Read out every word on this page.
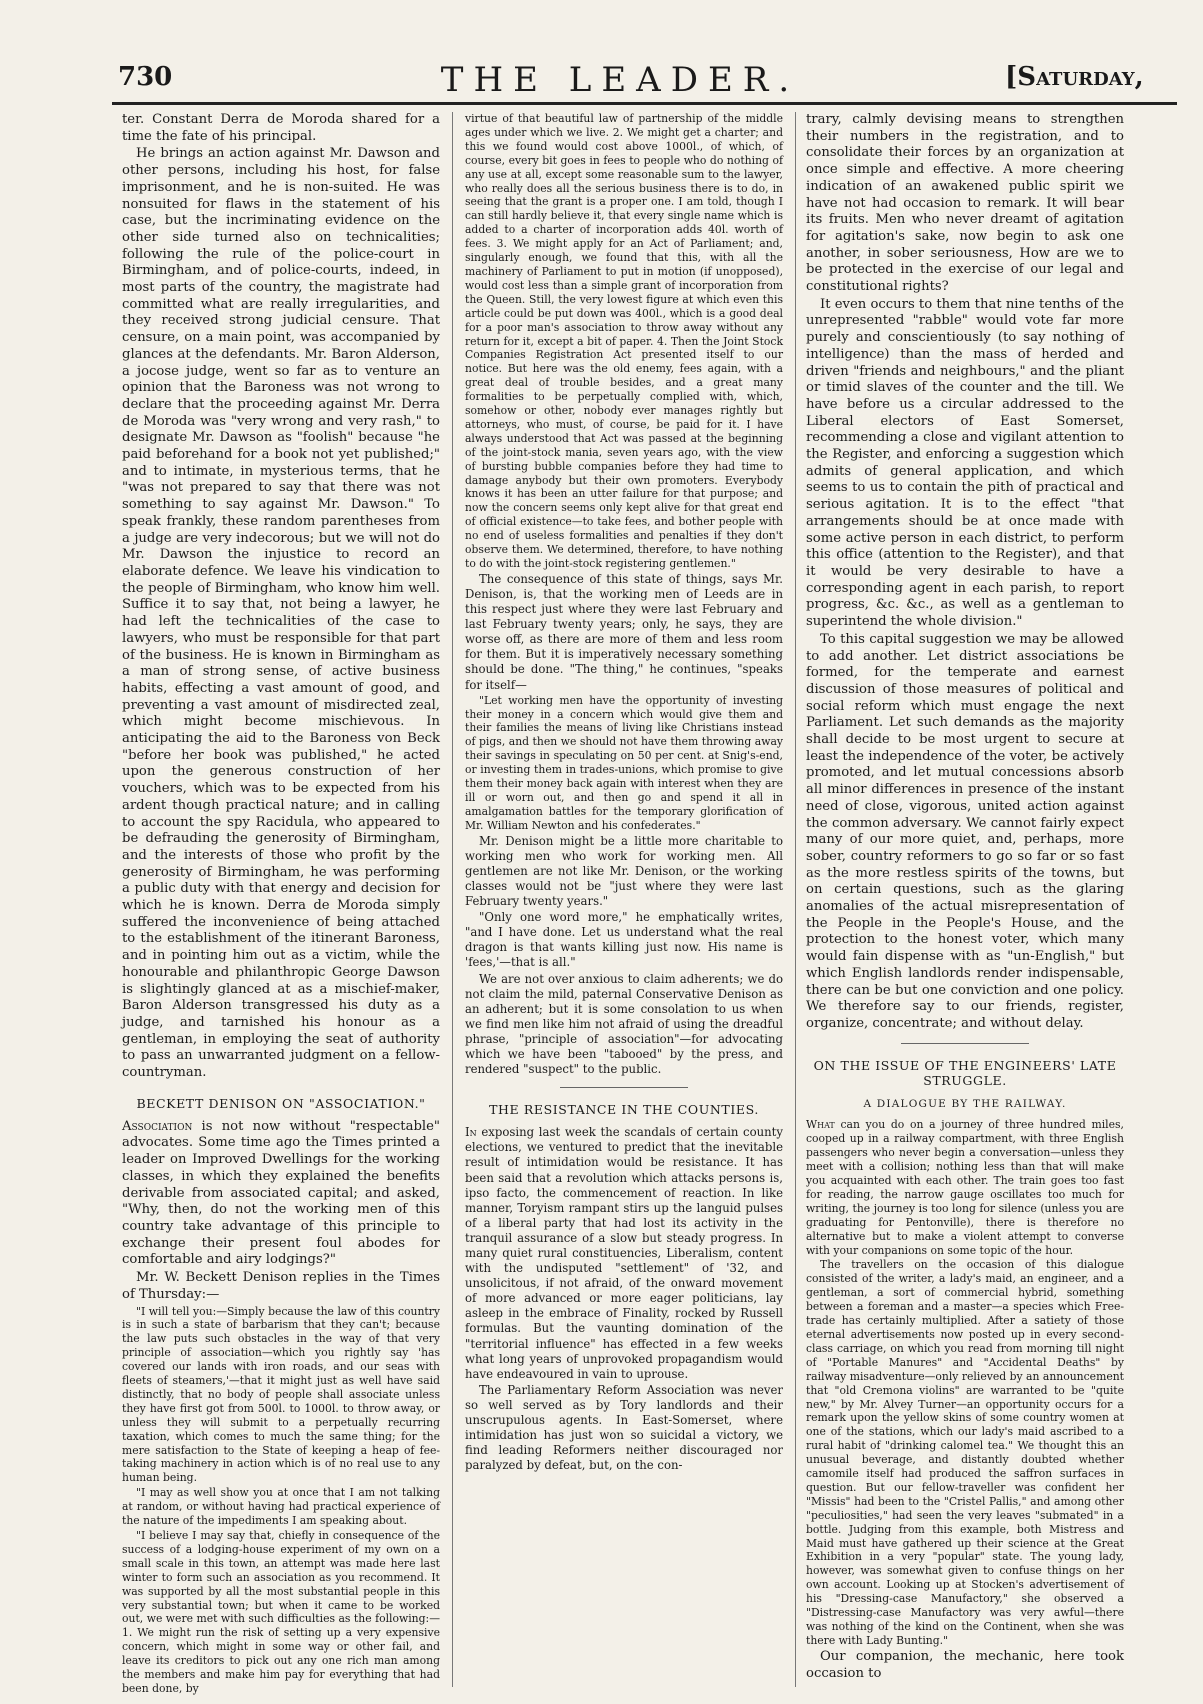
730	THE LEADER.	[Saturday,

ter. Constant Derra de Moroda shared for a time the fate of his principal.

He brings an action against Mr. Dawson and other persons, including his host, for false imprisonment, and he is non-suited. He was nonsuited for flaws in the statement of his case, but the incriminating evidence on the other side turned also on technicalities; following the rule of the police-court in Birmingham, and of police-courts, indeed, in most parts of the country, the magistrate had committed what are really irregularities, and they received strong judicial censure. That censure, on a main point, was accompanied by glances at the defendants. Mr. Baron Alderson, a jocose judge, went so far as to venture an opinion that the Baroness was not wrong to declare that the proceeding against Mr. Derra de Moroda was "very wrong and very rash," to designate Mr. Dawson as "foolish" because "he paid beforehand for a book not yet published;" and to intimate, in mysterious terms, that he "was not prepared to say that there was not something to say against Mr. Dawson." To speak frankly, these random parentheses from a judge are very indecorous; but we will not do Mr. Dawson the injustice to record an elaborate defence. We leave his vindication to the people of Birmingham, who know him well. Suffice it to say that, not being a lawyer, he had left the technicalities of the case to lawyers, who must be responsible for that part of the business. He is known in Birmingham as a man of strong sense, of active business habits, effecting a vast amount of good, and preventing a vast amount of misdirected zeal, which might become mischievous. In anticipating the aid to the Baroness von Beck "before her book was published," he acted upon the generous construction of her vouchers, which was to be expected from his ardent though practical nature; and in calling to account the spy Racidula, who appeared to be defrauding the generosity of Birmingham, and the interests of those who profit by the generosity of Birmingham, he was performing a public duty with that energy and decision for which he is known. Derra de Moroda simply suffered the inconvenience of being attached to the establishment of the itinerant Baroness, and in pointing him out as a victim, while the honourable and philanthropic George Dawson is slightingly glanced at as a mischief-maker, Baron Alderson transgressed his duty as a judge, and tarnished his honour as a gentleman, in employing the seat of authority to pass an unwarranted judgment on a fellow-countryman.

BECKETT DENISON ON "ASSOCIATION."

Association is not now without "respectable" advocates. Some time ago the Times printed a leader on Improved Dwellings for the working classes, in which they explained the benefits derivable from associated capital; and asked, "Why, then, do not the working men of this country take advantage of this principle to exchange their present foul abodes for comfortable and airy lodgings?"

Mr. W. Beckett Denison replies in the Times of Thursday:—

"I will tell you:—Simply because the law of this country is in such a state of barbarism that they can't; because the law puts such obstacles in the way of that very principle of association—which you rightly say 'has covered our lands with iron roads, and our seas with fleets of steamers,'—that it might just as well have said distinctly, that no body of people shall associate unless they have first got from 500l. to 1000l. to throw away, or unless they will submit to a perpetually recurring taxation, which comes to much the same thing; for the mere satisfaction to the State of keeping a heap of fee-taking machinery in action which is of no real use to any human being.

"I may as well show you at once that I am not talking at random, or without having had practical experience of the nature of the impediments I am speaking about.

"I believe I may say that, chiefly in consequence of the success of a lodging-house experiment of my own on a small scale in this town, an attempt was made here last winter to form such an association as you recommend. It was supported by all the most substantial people in this very substantial town; but when it came to be worked out, we were met with such difficulties as the following:—1. We might run the risk of setting up a very expensive concern, which might in some way or other fail, and leave its creditors to pick out any one rich man among the members and make him pay for everything that had been done, by

virtue of that beautiful law of partnership of the middle ages under which we live. 2. We might get a charter; and this we found would cost above 1000l., of which, of course, every bit goes in fees to people who do nothing of any use at all, except some reasonable sum to the lawyer, who really does all the serious business there is to do, in seeing that the grant is a proper one. I am told, though I can still hardly believe it, that every single name which is added to a charter of incorporation adds 40l. worth of fees. 3. We might apply for an Act of Parliament; and, singularly enough, we found that this, with all the machinery of Parliament to put in motion (if unopposed), would cost less than a simple grant of incorporation from the Queen. Still, the very lowest figure at which even this article could be put down was 400l., which is a good deal for a poor man's association to throw away without any return for it, except a bit of paper. 4. Then the Joint Stock Companies Registration Act presented itself to our notice. But here was the old enemy, fees again, with a great deal of trouble besides, and a great many formalities to be perpetually complied with, which, somehow or other, nobody ever manages rightly but attorneys, who must, of course, be paid for it. I have always understood that Act was passed at the beginning of the joint-stock mania, seven years ago, with the view of bursting bubble companies before they had time to damage anybody but their own promoters. Everybody knows it has been an utter failure for that purpose; and now the concern seems only kept alive for that great end of official existence—to take fees, and bother people with no end of useless formalities and penalties if they don't observe them. We determined, therefore, to have nothing to do with the joint-stock registering gentlemen."

The consequence of this state of things, says Mr. Denison, is, that the working men of Leeds are in this respect just where they were last February and last February twenty years; only, he says, they are worse off, as there are more of them and less room for them. But it is imperatively necessary something should be done. "The thing," he continues, "speaks for itself—

"Let working men have the opportunity of investing their money in a concern which would give them and their families the means of living like Christians instead of pigs, and then we should not have them throwing away their savings in speculating on 50 per cent. at Snig's-end, or investing them in trades-unions, which promise to give them their money back again with interest when they are ill or worn out, and then go and spend it all in amalgamation battles for the temporary glorification of Mr. William Newton and his confederates."

Mr. Denison might be a little more charitable to working men who work for working men. All gentlemen are not like Mr. Denison, or the working classes would not be "just where they were last February twenty years."

"Only one word more," he emphatically writes, "and I have done. Let us understand what the real dragon is that wants killing just now. His name is 'fees,'—that is all."

We are not over anxious to claim adherents; we do not claim the mild, paternal Conservative Denison as an adherent; but it is some consolation to us when we find men like him not afraid of using the dreadful phrase, "principle of association"—for advocating which we have been "tabooed" by the press, and rendered "suspect" to the public.

THE RESISTANCE IN THE COUNTIES.

In exposing last week the scandals of certain county elections, we ventured to predict that the inevitable result of intimidation would be resistance. It has been said that a revolution which attacks persons is, ipso facto, the commencement of reaction. In like manner, Toryism rampant stirs up the languid pulses of a liberal party that had lost its activity in the tranquil assurance of a slow but steady progress. In many quiet rural constituencies, Liberalism, content with the undisputed "settlement" of '32, and unsolicitous, if not afraid, of the onward movement of more advanced or more eager politicians, lay asleep in the embrace of Finality, rocked by Russell formulas. But the vaunting domination of the "territorial influence" has effected in a few weeks what long years of unprovoked propagandism would have endeavoured in vain to uprouse.

The Parliamentary Reform Association was never so well served as by Tory landlords and their unscrupulous agents. In East-Somerset, where intimidation has just won so suicidal a victory, we find leading Reformers neither discouraged nor paralyzed by defeat, but, on the con-

trary, calmly devising means to strengthen their numbers in the registration, and to consolidate their forces by an organization at once simple and effective. A more cheering indication of an awakened public spirit we have not had occasion to remark. It will bear its fruits. Men who never dreamt of agitation for agitation's sake, now begin to ask one another, in sober seriousness, How are we to be protected in the exercise of our legal and constitutional rights?

It even occurs to them that nine tenths of the unrepresented "rabble" would vote far more purely and conscientiously (to say nothing of intelligence) than the mass of herded and driven "friends and neighbours," and the pliant or timid slaves of the counter and the till. We have before us a circular addressed to the Liberal electors of East Somerset, recommending a close and vigilant attention to the Register, and enforcing a suggestion which admits of general application, and which seems to us to contain the pith of practical and serious agitation. It is to the effect "that arrangements should be at once made with some active person in each district, to perform this office (attention to the Register), and that it would be very desirable to have a corresponding agent in each parish, to report progress, &c. &c., as well as a gentleman to superintend the whole division."

To this capital suggestion we may be allowed to add another. Let district associations be formed, for the temperate and earnest discussion of those measures of political and social reform which must engage the next Parliament. Let such demands as the majority shall decide to be most urgent to secure at least the independence of the voter, be actively promoted, and let mutual concessions absorb all minor differences in presence of the instant need of close, vigorous, united action against the common adversary. We cannot fairly expect many of our more quiet, and, perhaps, more sober, country reformers to go so far or so fast as the more restless spirits of the towns, but on certain questions, such as the glaring anomalies of the actual misrepresentation of the People in the People's House, and the protection to the honest voter, which many would fain dispense with as "un-English," but which English landlords render indispensable, there can be but one conviction and one policy. We therefore say to our friends, register, organize, concentrate; and without delay.

ON THE ISSUE OF THE ENGINEERS' LATE STRUGGLE.
A DIALOGUE BY THE RAILWAY.

What can you do on a journey of three hundred miles, cooped up in a railway compartment, with three English passengers who never begin a conversation—unless they meet with a collision; nothing less than that will make you acquainted with each other. The train goes too fast for reading, the narrow gauge oscillates too much for writing, the journey is too long for silence (unless you are graduating for Pentonville), there is therefore no alternative but to make a violent attempt to converse with your companions on some topic of the hour.

The travellers on the occasion of this dialogue consisted of the writer, a lady's maid, an engineer, and a gentleman, a sort of commercial hybrid, something between a foreman and a master—a species which Free-trade has certainly multiplied. After a satiety of those eternal advertisements now posted up in every second-class carriage, on which you read from morning till night of "Portable Manures" and "Accidental Deaths" by railway misadventure—only relieved by an announcement that "old Cremona violins" are warranted to be "quite new," by Mr. Alvey Turner—an opportunity occurs for a remark upon the yellow skins of some country women at one of the stations, which our lady's maid ascribed to a rural habit of "drinking calomel tea." We thought this an unusual beverage, and distantly doubted whether camomile itself had produced the saffron surfaces in question. But our fellow-traveller was confident her "Missis" had been to the "Cristel Pallis," and among other "peculiosities," had seen the very leaves "submated" in a bottle. Judging from this example, both Mistress and Maid must have gathered up their science at the Great Exhibition in a very "popular" state. The young lady, however, was somewhat given to confuse things on her own account. Looking up at Stocken's advertisement of his "Dressing-case Manufactory," she observed a "Distressing-case Manufactory was very awful—there was nothing of the kind on the Continent, when she was there with Lady Bunting."

Our companion, the mechanic, here took occasion to
